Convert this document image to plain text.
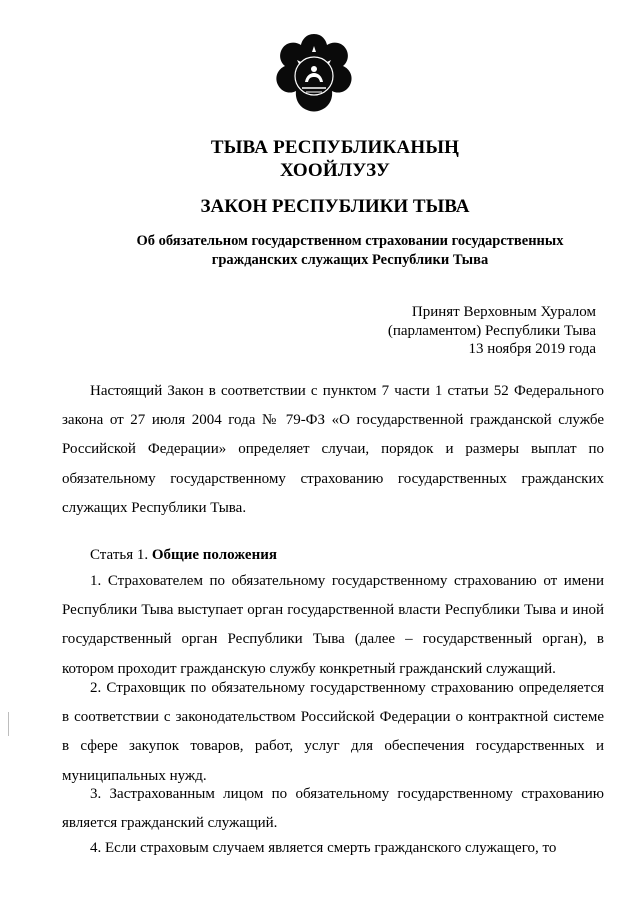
ТЫВА РЕСПУБЛИКАНЫҢ
ХООЙЛУЗУ
ЗАКОН РЕСПУБЛИКИ ТЫВА
Об обязательном государственном страховании государственных
гражданских служащих Республики Тыва
Принят Верховным Хуралом
(парламентом) Республики Тыва
13 ноября 2019 года
Настоящий Закон в соответствии с пунктом 7 части 1 статьи 52 Федерального закона от 27 июля 2004 года № 79-ФЗ «О государственной гражданской службе Российской Федерации» определяет случаи, порядок и размеры выплат по обязательному государственному страхованию государственных гражданских служащих Республики Тыва.
Статья 1. Общие положения
1. Страхователем по обязательному государственному страхованию от имени Республики Тыва выступает орган государственной власти Республики Тыва и иной государственный орган Республики Тыва (далее – государственный орган), в котором проходит гражданскую службу конкретный гражданский служащий.
2. Страховщик по обязательному государственному страхованию определяется в соответствии с законодательством Российской Федерации о контрактной системе в сфере закупок товаров, работ, услуг для обеспечения государственных и муниципальных нужд.
3. Застрахованным лицом по обязательному государственному страхованию является гражданский служащий.
4. Если страховым случаем является смерть гражданского служащего, то
